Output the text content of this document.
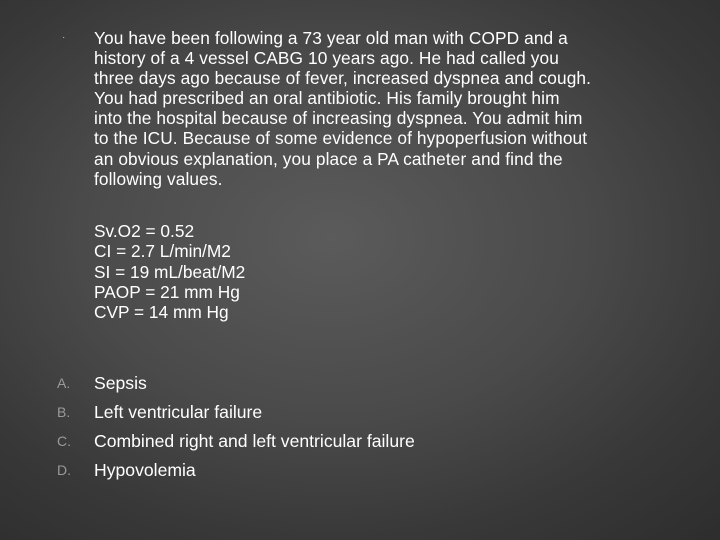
· You have been following a 73 year old man with COPD and a

history of a 4 vessel CABG 10 years ago. He had called you

three days ago because of fever, increased dyspnea and cough.

You had prescribed an oral antibiotic. His family brought him

into the hospital because of increasing dyspnea. You admit him

to the ICU. Because of some evidence of hypoperfusion without

an obvious explanation, you place a PA catheter and find the

following values.

Sv.O2 = 0.52
CI = 2.7 L/min/M2
SI = 19 mL/beat/M2
PAOP = 21 mm Hg
CVP = 14 mm Hg
A. Sepsis
B. Left ventricular failure
C. Combined right and left ventricular failure
D. Hypovolemia
